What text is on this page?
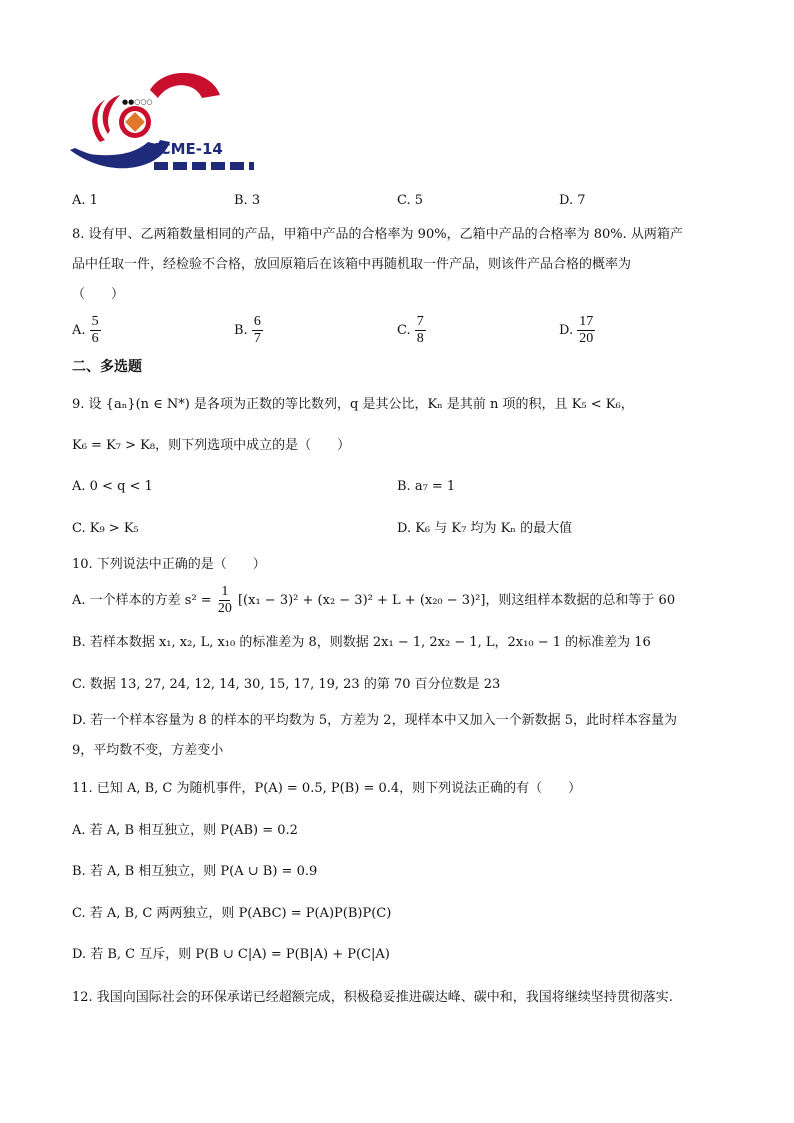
●●○○○
ICME-14
A. 1	B. 3	C. 5	D. 7
8. 设有甲、乙两箱数量相同的产品，甲箱中产品的合格率为 90%，乙箱中产品的合格率为 80%. 从两箱产
品中任取一件，经检验不合格，放回原箱后在该箱中再随机取一件产品，则该件产品合格的概率为
（　　）
A. $\frac{5}{6}$	B. $\frac{6}{7}$	C. $\frac{7}{8}$	D. $\frac{17}{20}$
二、多选题
9. 设 {aₙ}(n ∈ N*) 是各项为正数的等比数列，q 是其公比，Kₙ 是其前 n 项的积，且 K₅ < K₆，
K₆ = K₇ > K₈，则下列选项中成立的是（　　）
A. 0 < q < 1	B. a₇ = 1
C. K₉ > K₅	D. K₆ 与 K₇ 均为 Kₙ 的最大值
10. 下列说法中正确的是（　　）
A. 一个样本的方差 $s^2 = \frac{1}{20} [(x_1 - 3)^2 + (x_2 - 3)^2 + L + (x_{20} - 3)^2]$，则这组样本数据的总和等于 60
B. 若样本数据 x₁, x₂, L, x₁₀ 的标准差为 8，则数据 2x₁ − 1, 2x₂ − 1, L，2x₁₀ − 1 的标准差为 16
C. 数据 13, 27, 24, 12, 14, 30, 15, 17, 19, 23 的第 70 百分位数是 23
D. 若一个样本容量为 8 的样本的平均数为 5，方差为 2，现样本中又加入一个新数据 5，此时样本容量为
9，平均数不变，方差变小
11. 已知 A, B, C 为随机事件，P(A) = 0.5, P(B) = 0.4，则下列说法正确的有（　　）
A. 若 A, B 相互独立，则 P(AB) = 0.2
B. 若 A, B 相互独立，则 P(A ∪ B) = 0.9
C. 若 A, B, C 两两独立，则 P(ABC) = P(A)P(B)P(C)
D. 若 B, C 互斥，则 P(B ∪ C|A) = P(B|A) + P(C|A)
12. 我国向国际社会的环保承诺已经超额完成，积极稳妥推进碳达峰、碳中和，我国将继续坚持贯彻落实.
